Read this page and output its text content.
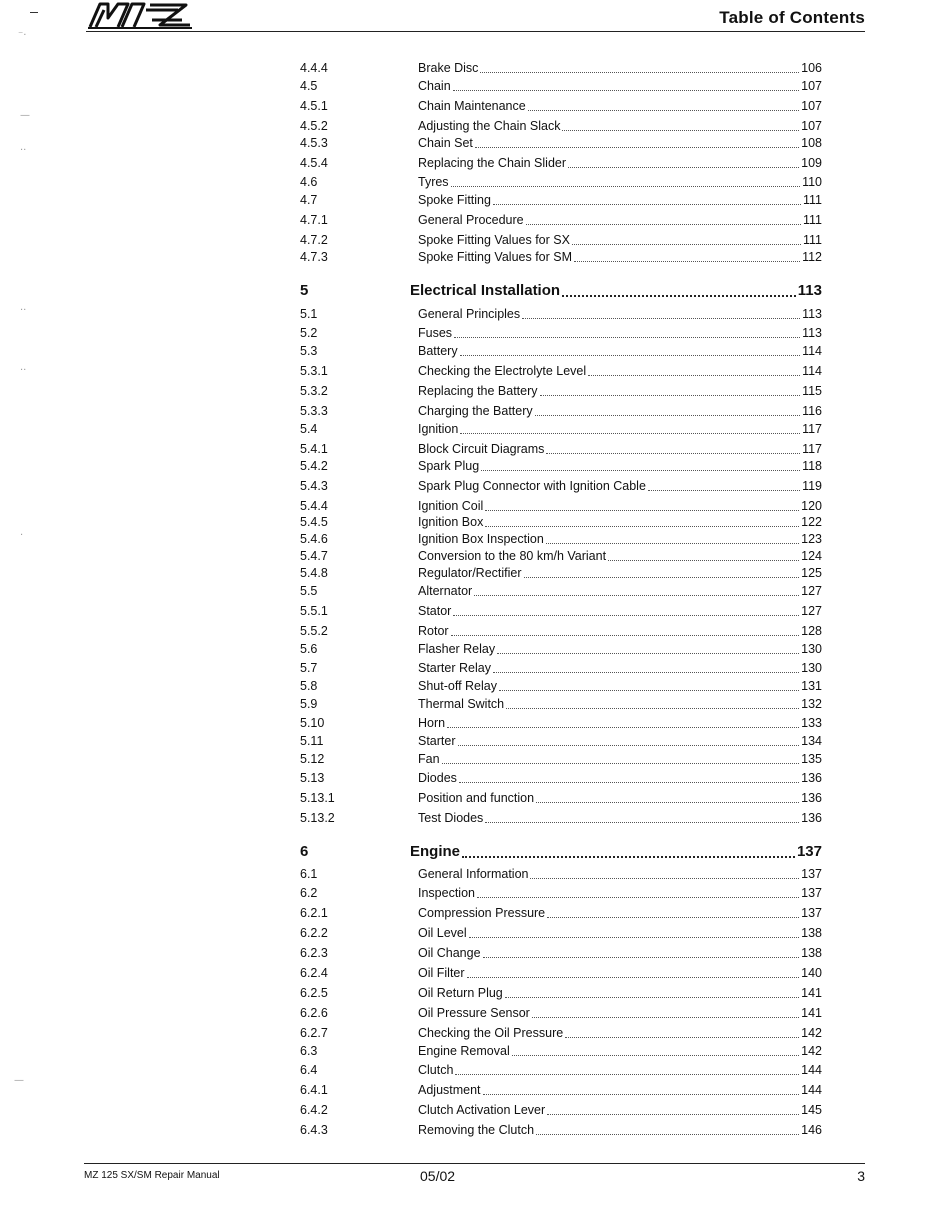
Table of Contents
4.4.4	Brake Disc	106
4.5	Chain	107
4.5.1	Chain Maintenance	107
4.5.2	Adjusting the Chain Slack	107
4.5.3	Chain Set	108
4.5.4	Replacing the Chain Slider	109
4.6	Tyres	110
4.7	Spoke Fitting	111
4.7.1	General Procedure	111
4.7.2	Spoke Fitting Values for SX	111
4.7.3	Spoke Fitting Values for SM	112
5	Electrical Installation	113
5.1	General Principles	113
5.2	Fuses	113
5.3	Battery	114
5.3.1	Checking the Electrolyte Level	114
5.3.2	Replacing the Battery	115
5.3.3	Charging the Battery	116
5.4	Ignition	117
5.4.1	Block Circuit Diagrams	117
5.4.2	Spark Plug	118
5.4.3	Spark Plug Connector with Ignition Cable	119
5.4.4	Ignition Coil	120
5.4.5	Ignition Box	122
5.4.6	Ignition Box Inspection	123
5.4.7	Conversion to the 80 km/h Variant	124
5.4.8	Regulator/Rectifier	125
5.5	Alternator	127
5.5.1	Stator	127
5.5.2	Rotor	128
5.6	Flasher Relay	130
5.7	Starter Relay	130
5.8	Shut-off Relay	131
5.9	Thermal Switch	132
5.10	Horn	133
5.11	Starter	134
5.12	Fan	135
5.13	Diodes	136
5.13.1	Position and function	136
5.13.2	Test Diodes	136
6	Engine	137
6.1	General Information	137
6.2	Inspection	137
6.2.1	Compression Pressure	137
6.2.2	Oil Level	138
6.2.3	Oil Change	138
6.2.4	Oil Filter	140
6.2.5	Oil Return Plug	141
6.2.6	Oil Pressure Sensor	141
6.2.7	Checking the Oil Pressure	142
6.3	Engine Removal	142
6.4	Clutch	144
6.4.1	Adjustment	144
6.4.2	Clutch Activation Lever	145
6.4.3	Removing the Clutch	146
MZ 125 SX/SM Repair Manual	05/02	3
⁻·
—
··
··
··
·
—
